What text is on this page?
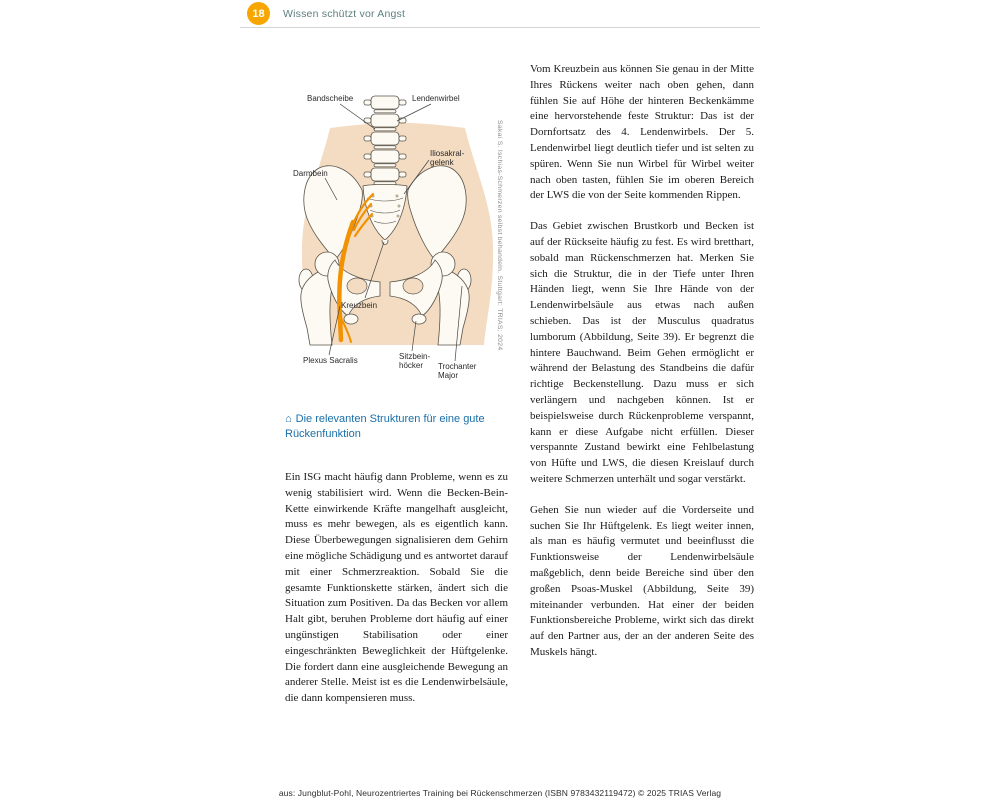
18 Wissen schützt vor Angst
Bandscheibe	Lendenwirbel
Iliosakral-
gelenk
Darmbein
Kreuzbein
Plexus Sacralis	Sitzbein-
höcker Trochanter
Major
Sakai S. Ischias-Schmerzen selbst behandeln. Stuttgart: TRIAS; 2024
⌂ Die relevanten Strukturen für eine gute Rückenfunktion
Ein ISG macht häufig dann Probleme, wenn es zu wenig stabilisiert wird. Wenn die Becken-Bein-Kette einwirkende Kräfte mangelhaft ausgleicht, muss es mehr bewegen, als es eigentlich kann. Diese Überbewegungen signalisieren dem Gehirn eine mögliche Schädigung und es antwortet darauf mit einer Schmerzreaktion. Sobald Sie die gesamte Funktionskette stärken, ändert sich die Situation zum Positiven. Da das Becken vor allem Halt gibt, beruhen Probleme dort häufig auf einer ungünstigen Stabilisation oder einer eingeschränkten Beweglichkeit der Hüftgelenke. Die fordert dann eine ausgleichende Bewegung an anderer Stelle. Meist ist es die Lendenwirbelsäule, die dann kompensieren muss.

Vom Kreuzbein aus können Sie genau in der Mitte Ihres Rückens weiter nach oben gehen, dann fühlen Sie auf Höhe der hinteren Beckenkämme eine hervorstehende feste Struktur: Das ist der Dornfortsatz des 4. Lendenwirbels. Der 5. Lendenwirbel liegt deutlich tiefer und ist selten zu spüren. Wenn Sie nun Wirbel für Wirbel weiter nach oben tasten, fühlen Sie im oberen Bereich der LWS die von der Seite kommenden Rippen.

Das Gebiet zwischen Brustkorb und Becken ist auf der Rückseite häufig zu fest. Es wird bretthart, sobald man Rückenschmerzen hat. Merken Sie sich die Struktur, die in der Tiefe unter Ihren Händen liegt, wenn Sie Ihre Hände von der Lendenwirbelsäule aus etwas nach außen schieben. Das ist der Musculus quadratus lumborum (Abbildung, Seite 39). Er begrenzt die hintere Bauchwand. Beim Gehen ermöglicht er während der Belastung des Standbeins die dafür richtige Beckenstellung. Dazu muss er sich verlängern und nachgeben können. Ist er beispielsweise durch Rückenprobleme verspannt, kann er diese Aufgabe nicht erfüllen. Dieser verspannte Zustand bewirkt eine Fehlbelastung von Hüfte und LWS, die diesen Kreislauf durch weitere Schmerzen unterhält und sogar verstärkt.

Gehen Sie nun wieder auf die Vorderseite und suchen Sie Ihr Hüftgelenk. Es liegt weiter innen, als man es häufig vermutet und beeinflusst die Funktionsweise der Lendenwirbelsäule maßgeblich, denn beide Bereiche sind über den großen Psoas-Muskel (Abbildung, Seite 39) miteinander verbunden. Hat einer der beiden Funktionsbereiche Probleme, wirkt sich das direkt auf den Partner aus, der an der anderen Seite des Muskels hängt.

aus: Jungblut-Pohl, Neurozentriertes Training bei Rückenschmerzen (ISBN 9783432119472) © 2025 TRIAS Verlag
